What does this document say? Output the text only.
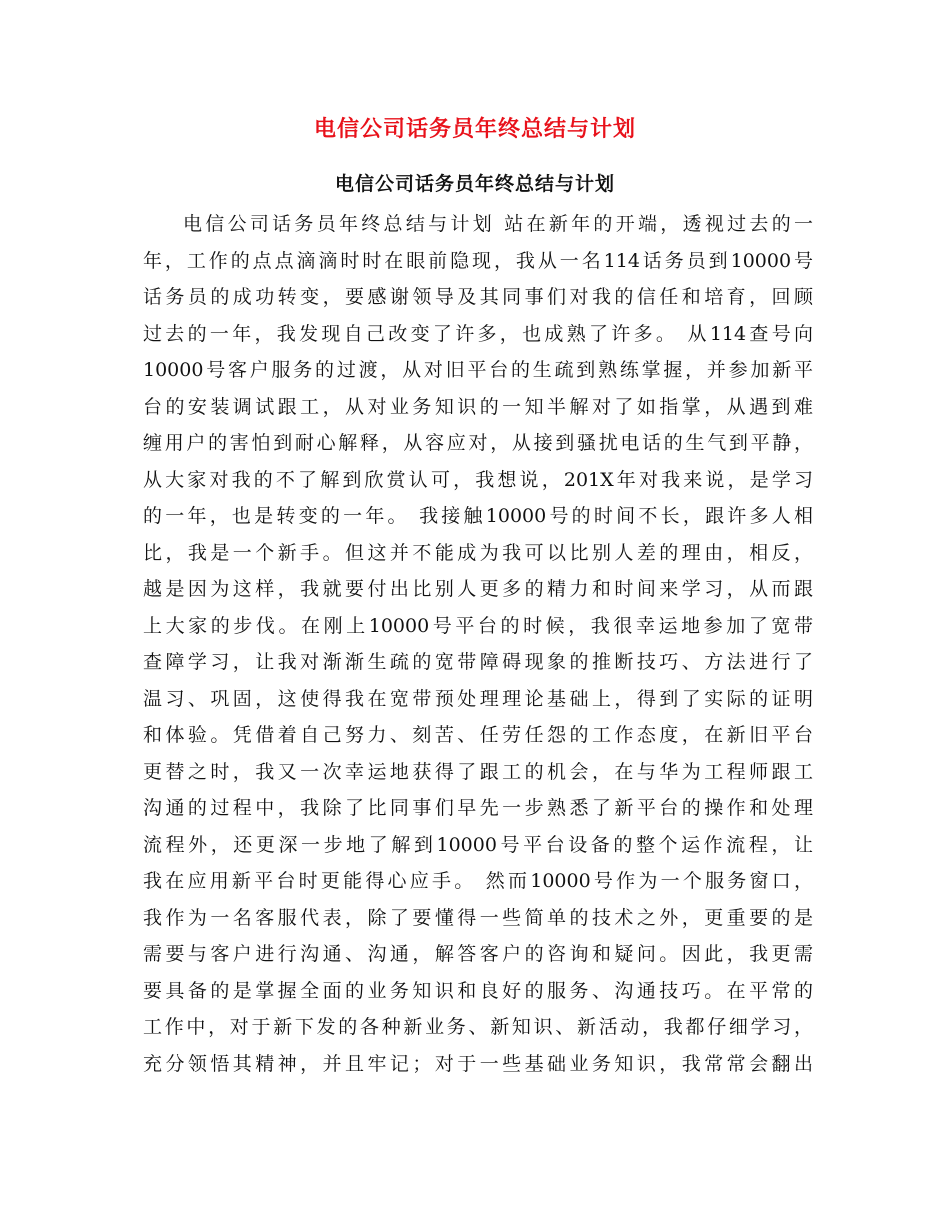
电信公司话务员年终总结与计划
电信公司话务员年终总结与计划
电信公司话务员年终总结与计划 站在新年的开端，透视过去的一
年，工作的点点滴滴时时在眼前隐现，我从一名114话务员到10000号
话务员的成功转变，要感谢领导及其同事们对我的信任和培育，回顾
过去的一年，我发现自己改变了许多，也成熟了许多。 从114查号向
10000号客户服务的过渡，从对旧平台的生疏到熟练掌握，并参加新平
台的安装调试跟工，从对业务知识的一知半解对了如指掌，从遇到难
缠用户的害怕到耐心解释，从容应对，从接到骚扰电话的生气到平静，
从大家对我的不了解到欣赏认可，我想说，201X年对我来说，是学习
的一年，也是转变的一年。 我接触10000号的时间不长，跟许多人相
比，我是一个新手。但这并不能成为我可以比别人差的理由，相反，
越是因为这样，我就要付出比别人更多的精力和时间来学习，从而跟
上大家的步伐。在刚上10000号平台的时候，我很幸运地参加了宽带
查障学习，让我对渐渐生疏的宽带障碍现象的推断技巧、方法进行了
温习、巩固，这使得我在宽带预处理理论基础上，得到了实际的证明
和体验。凭借着自己努力、刻苦、任劳任怨的工作态度，在新旧平台
更替之时，我又一次幸运地获得了跟工的机会，在与华为工程师跟工
沟通的过程中，我除了比同事们早先一步熟悉了新平台的操作和处理
流程外，还更深一步地了解到10000号平台设备的整个运作流程，让
我在应用新平台时更能得心应手。 然而10000号作为一个服务窗口，
我作为一名客服代表，除了要懂得一些简单的技术之外，更重要的是
需要与客户进行沟通、沟通，解答客户的咨询和疑问。因此，我更需
要具备的是掌握全面的业务知识和良好的服务、沟通技巧。在平常的
工作中，对于新下发的各种新业务、新知识、新活动，我都仔细学习，
充分领悟其精神，并且牢记；对于一些基础业务知识，我常常会翻出
